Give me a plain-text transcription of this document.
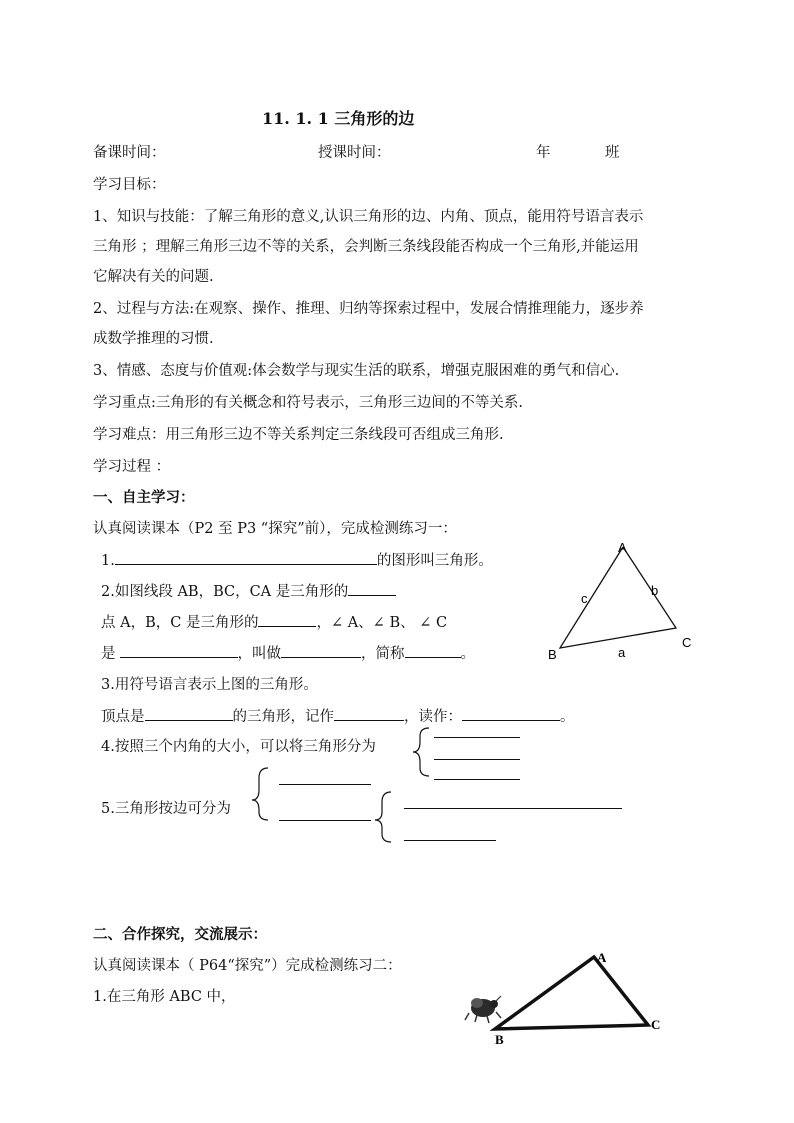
11. 1. 1 三角形的边
备课时间：	授课时间：	年	班
学习目标：
1、知识与技能：了解三角形的意义,认识三角形的边、内角、顶点，能用符号语言表示
三角形 ；理解三角形三边不等的关系，会判断三条线段能否构成一个三角形,并能运用
它解决有关的问题.
2、过程与方法:在观察、操作、推理、归纳等探索过程中，发展合情推理能力，逐步养
成数学推理的习惯.
3、情感、态度与价值观:体会数学与现实生活的联系，增强克服困难的勇气和信心.
学习重点:三角形的有关概念和符号表示，三角形三边间的不等关系.
学习难点：用三角形三边不等关系判定三条线段可否组成三角形.
学习过程 ：
一、自主学习：
认真阅读课本（P2 至 P3 “探究”前），完成检测练习一：
1.	的图形叫三角形。
2.如图线段 AB，BC，CA 是三角形的
点 A，B，C 是三角形的	，∠ A、∠ B、 ∠ C
是	，叫做	，简称	。
3.用符号语言表示上图的三角形。
顶点是	的三角形，记作	，读作：	。
4.按照三个内角的大小，可以将三角形分为
5.三角形按边可分为
A
B
C
a
b
c
二、合作探究，交流展示：
认真阅读课本（ P64“探究”）完成检测练习二：
1.在三角形 ABC 中，
A
B
C
